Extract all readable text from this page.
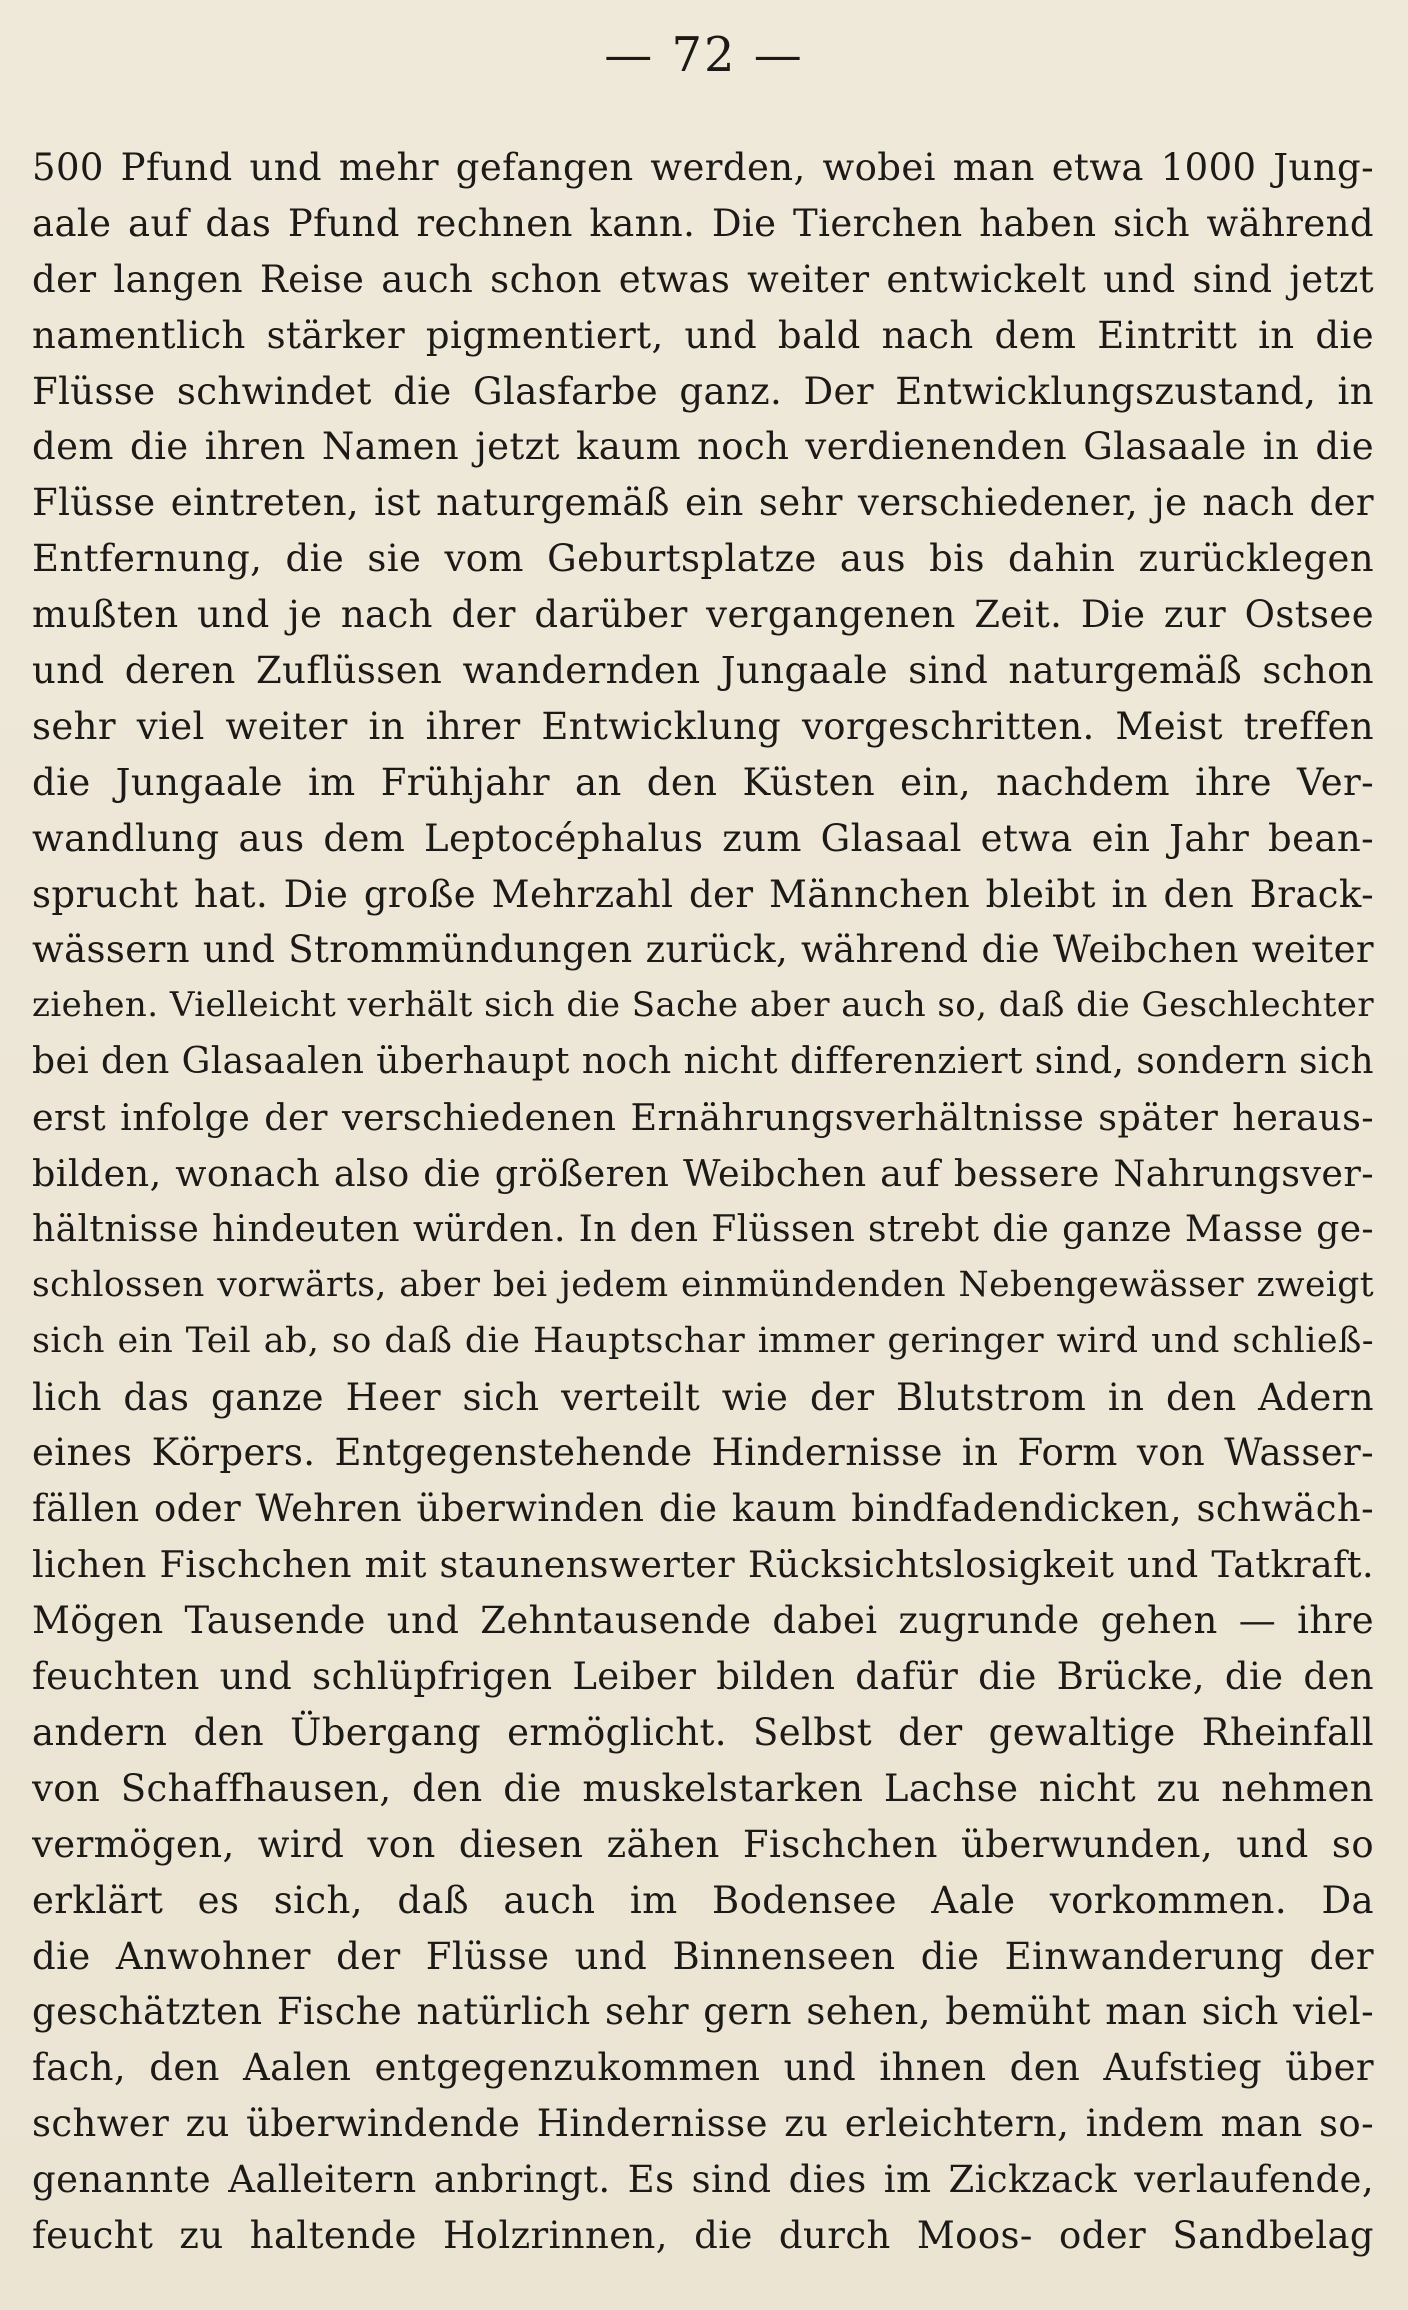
— 72 —
500 Pfund und mehr gefangen werden, wobei man etwa 1000 Jung-
aale auf das Pfund rechnen kann. Die Tierchen haben sich während
der langen Reise auch schon etwas weiter entwickelt und sind jetzt
namentlich stärker pigmentiert, und bald nach dem Eintritt in die
Flüsse schwindet die Glasfarbe ganz. Der Entwicklungszustand, in
dem die ihren Namen jetzt kaum noch verdienenden Glasaale in die
Flüsse eintreten, ist naturgemäß ein sehr verschiedener, je nach der
Entfernung, die sie vom Geburtsplatze aus bis dahin zurücklegen
mußten und je nach der darüber vergangenen Zeit. Die zur Ostsee
und deren Zuflüssen wandernden Jungaale sind naturgemäß schon
sehr viel weiter in ihrer Entwicklung vorgeschritten. Meist treffen
die Jungaale im Frühjahr an den Küsten ein, nachdem ihre Ver-
wandlung aus dem Leptocéphalus zum Glasaal etwa ein Jahr bean-
sprucht hat. Die große Mehrzahl der Männchen bleibt in den Brack-
wässern und Strommündungen zurück, während die Weibchen weiter
ziehen. Vielleicht verhält sich die Sache aber auch so, daß die Geschlechter
bei den Glasaalen überhaupt noch nicht differenziert sind, sondern sich
erst infolge der verschiedenen Ernährungsverhältnisse später heraus-
bilden, wonach also die größeren Weibchen auf bessere Nahrungsver-
hältnisse hindeuten würden. In den Flüssen strebt die ganze Masse ge-
schlossen vorwärts, aber bei jedem einmündenden Nebengewässer zweigt
sich ein Teil ab, so daß die Hauptschar immer geringer wird und schließ-
lich das ganze Heer sich verteilt wie der Blutstrom in den Adern
eines Körpers. Entgegenstehende Hindernisse in Form von Wasser-
fällen oder Wehren überwinden die kaum bindfadendicken, schwäch-
lichen Fischchen mit staunenswerter Rücksichtslosigkeit und Tatkraft.
Mögen Tausende und Zehntausende dabei zugrunde gehen — ihre
feuchten und schlüpfrigen Leiber bilden dafür die Brücke, die den
andern den Übergang ermöglicht. Selbst der gewaltige Rheinfall
von Schaffhausen, den die muskelstarken Lachse nicht zu nehmen
vermögen, wird von diesen zähen Fischchen überwunden, und so
erklärt es sich, daß auch im Bodensee Aale vorkommen. Da
die Anwohner der Flüsse und Binnenseen die Einwanderung der
geschätzten Fische natürlich sehr gern sehen, bemüht man sich viel-
fach, den Aalen entgegenzukommen und ihnen den Aufstieg über
schwer zu überwindende Hindernisse zu erleichtern, indem man so-
genannte Aalleitern anbringt. Es sind dies im Zickzack verlaufende,
feucht zu haltende Holzrinnen, die durch Moos- oder Sandbelag
